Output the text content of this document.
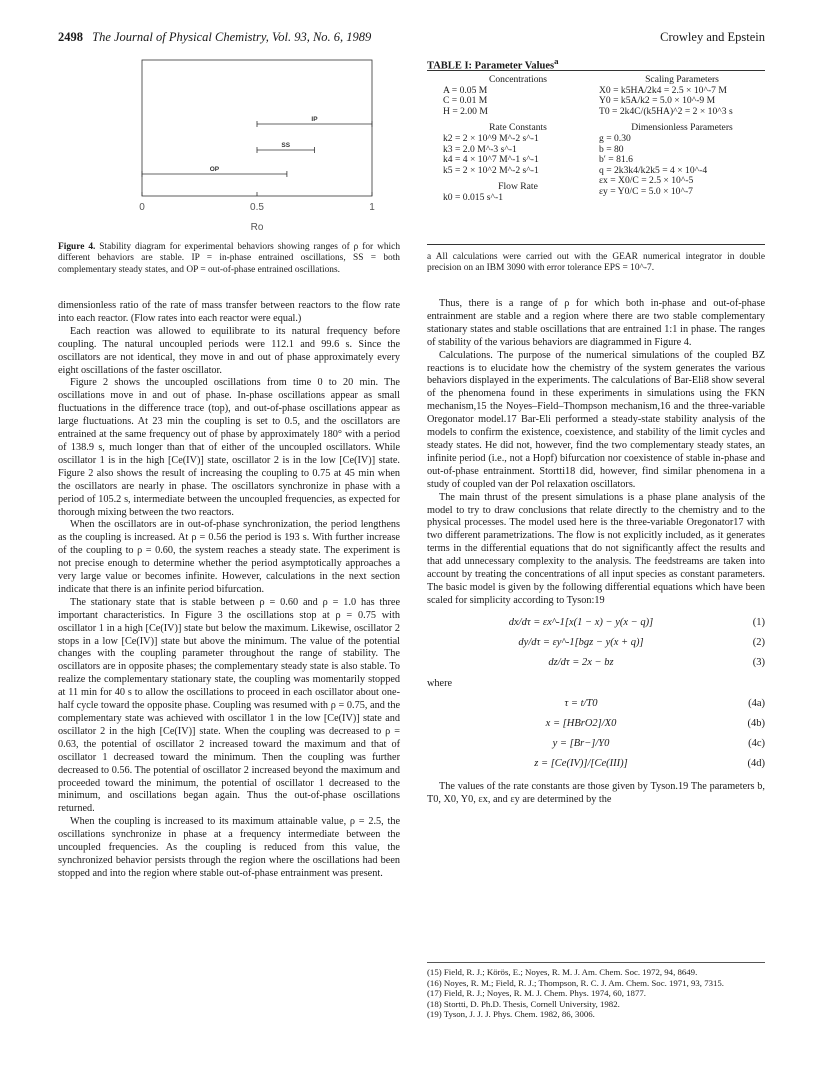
2498 The Journal of Physical Chemistry, Vol. 93, No. 6, 1989	Crowley and Epstein
IP
SS
OP
0	0.5	1
Ro
Figure 4. Stability diagram for experimental behaviors showing ranges of ρ for which different behaviors are stable. IP = in-phase entrained oscillations, SS = both complementary steady states, and OP = out-of-phase entrained oscillations.

dimensionless ratio of the rate of mass transfer between reactors to the flow rate into each reactor. (Flow rates into each reactor were equal.)

Each reaction was allowed to equilibrate to its natural frequency before coupling. The natural uncoupled periods were 112.1 and 99.6 s. Since the oscillators are not identical, they move in and out of phase approximately every eight oscillations of the faster oscillator.

Figure 2 shows the uncoupled oscillations from time 0 to 20 min. The oscillations move in and out of phase. In-phase oscillations appear as small fluctuations in the difference trace (top), and out-of-phase oscillations appear as large fluctuations. At 23 min the coupling is set to 0.5, and the oscillators are entrained at the same frequency out of phase by approximately 180° with a period of 138.9 s, much longer than that of either of the uncoupled oscillators. While oscillator 1 is in the high [Ce(IV)] state, oscillator 2 is in the low [Ce(IV)] state. Figure 2 also shows the result of increasing the coupling to 0.75 at 45 min when the oscillators are nearly in phase. The oscillators synchronize in phase with a period of 105.2 s, intermediate between the uncoupled frequencies, as expected for thorough mixing between the two reactors.

When the oscillators are in out-of-phase synchronization, the period lengthens as the coupling is increased. At ρ = 0.56 the period is 193 s. With further increase of the coupling to ρ = 0.60, the system reaches a steady state. The experiment is not precise enough to determine whether the period asymptotically approaches a very large value or becomes infinite. However, calculations in the next section indicate that there is an infinite period bifurcation.

The stationary state that is stable between ρ = 0.60 and ρ = 1.0 has three important characteristics. In Figure 3 the oscillations stop at ρ = 0.75 with oscillator 1 in a high [Ce(IV)] state but below the maximum. Likewise, oscillator 2 stops in a low [Ce(IV)] state but above the minimum. The value of the potential changes with the coupling parameter throughout the range of stability. The oscillators are in opposite phases; the complementary steady state is also stable. To realize the complementary stationary state, the coupling was momentarily stopped at 11 min for 40 s to allow the oscillations to proceed in each oscillator about one-half cycle toward the opposite phase. Coupling was resumed with ρ = 0.75, and the complementary state was achieved with oscillator 1 in the low [Ce(IV)] state and oscillator 2 in the high [Ce(IV)] state. When the coupling was decreased to ρ = 0.63, the potential of oscillator 2 increased toward the maximum and that of oscillator 1 decreased toward the minimum. Then the coupling was further decreased to 0.56. The potential of oscillator 2 increased beyond the maximum and proceeded toward the minimum, the potential of oscillator 1 decreased to the minimum, and oscillations began again. Thus the out-of-phase oscillations returned.

When the coupling is increased to its maximum attainable value, ρ = 2.5, the oscillations synchronize in phase at a frequency intermediate between the uncoupled frequencies. As the coupling is reduced from this value, the synchronized behavior persists through the region where the oscillations had been stopped and into the region where stable out-of-phase entrainment was present.

TABLE I: Parameter Values$^a$
Concentrations
A = 0.05 M
C = 0.01 M
H = 2.00 M
Rate Constants
k2 = 2 × 10^9 M^-2 s^-1
k3 = 2.0 M^-3 s^-1
k4 = 4 × 10^7 M^-1 s^-1
k5 = 2 × 10^2 M^-2 s^-1
Flow Rate
k0 = 0.015 s^-1
Scaling Parameters
X0 = k5HA/2k4 = 2.5 × 10^-7 M
Y0 = k5A/k2 = 5.0 × 10^-9 M
T0 = 2k4C/(k5HA)^2 = 2 × 10^3 s
Dimensionless Parameters
g = 0.30
b = 80
b′ = 81.6
q = 2k3k4/k2k5 = 4 × 10^-4
εx = X0/C = 2.5 × 10^-5
εy = Y0/C = 5.0 × 10^-7
a All calculations were carried out with the GEAR numerical integrator in double precision on an IBM 3090 with error tolerance EPS = 10^-7.

Thus, there is a range of ρ for which both in-phase and out-of-phase entrainment are stable and a region where there are two stable complementary stationary states and stable oscillations that are entrained 1:1 in phase. The ranges of stability of the various behaviors are diagrammed in Figure 4.

Calculations. The purpose of the numerical simulations of the coupled BZ reactions is to elucidate how the chemistry of the system generates the various behaviors displayed in the experiments. The calculations of Bar-Eli8 show several of the phenomena found in these experiments in simulations using the FKN mechanism,15 the Noyes–Field–Thompson mechanism,16 and the three-variable Oregonator model.17 Bar-Eli performed a steady-state stability analysis of the models to confirm the existence, coexistence, and stability of the limit cycles and steady states. He did not, however, find the two complementary steady states, an infinite period (i.e., not a Hopf) bifurcation nor coexistence of stable in-phase and out-of-phase entrainment. Stortti18 did, however, find similar phenomena in a study of coupled van der Pol relaxation oscillators.

The main thrust of the present simulations is a phase plane analysis of the model to try to draw conclusions that relate directly to the chemistry and to the physical processes. The model used here is the three-variable Oregonator17 with two different parametrizations. The flow is not explicitly included, as it generates terms in the differential equations that do not significantly affect the results and that add unnecessary complexity to the analysis. The feedstreams are taken into account by treating the concentrations of all input species as constant parameters. The basic model is given by the following differential equations which have been scaled for simplicity according to Tyson:19

dx/dτ = εx^-1[x(1 − x) − y(x − q)]	(1)
dy/dτ = εy^-1[bgz − y(x + q)]	(2)
dz/dτ = 2x − bz	(3)

where

τ = t/T0	(4a)
x = [HBrO2]/X0	(4b)
y = [Br−]/Y0	(4c)
z = [Ce(IV)]/[Ce(III)]	(4d)

The values of the rate constants are those given by Tyson.19 The parameters b, T0, X0, Y0, εx, and εy are determined by the

(15) Field, R. J.; Körös, E.; Noyes, R. M. J. Am. Chem. Soc. 1972, 94, 8649.
(16) Noyes, R. M.; Field, R. J.; Thompson, R. C. J. Am. Chem. Soc. 1971, 93, 7315.
(17) Field, R. J.; Noyes, R. M. J. Chem. Phys. 1974, 60, 1877.
(18) Stortti, D. Ph.D. Thesis, Cornell University, 1982.
(19) Tyson, J. J. J. Phys. Chem. 1982, 86, 3006.
